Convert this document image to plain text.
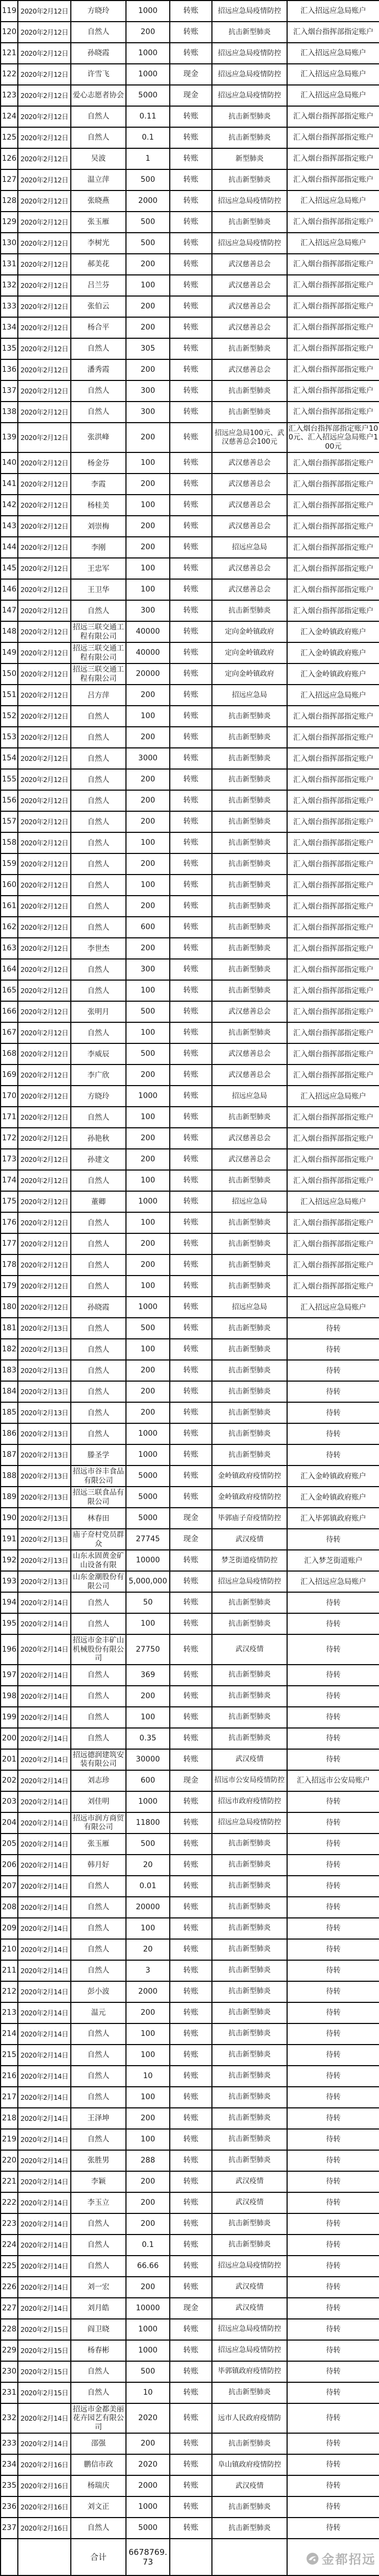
119	2020年2月12日	方晓玲	1000	转账	招远应急局疫情防控	汇入招远应急局账户
120	2020年2月12日	自然人	200	转账	抗击新型肺炎	汇入烟台指挥部指定账户
121	2020年2月12日	孙晓霞	1000	转账	招远应急局疫情防控	汇入招远应急局账户
122	2020年2月12日	许雪飞	1000	现金	招远应急局疫情防控	汇入招远应急局账户
123	2020年2月12日	爱心志愿者协会	5000	现金	招远应急局疫情防控	汇入招远应急局账户
124	2020年2月12日	自然人	0.11	转账	抗击新型肺炎	汇入烟台指挥部指定账户
125	2020年2月12日	自然人	0.1	转账	抗击新型肺炎	汇入烟台指挥部指定账户
126	2020年2月12日	吴波	1	转账	新型肺炎	汇入烟台指挥部指定账户
127	2020年2月12日	温立萍	500	转账	抗击新型肺炎	汇入烟台指挥部指定账户
128	2020年2月12日	张晓燕	2000	转账	招远应急局疫情防控	汇入招远应急局账户
129	2020年2月12日	张玉雁	500	转账	抗击新型肺炎	汇入烟台指挥部指定账户
130	2020年2月12日	李树光	500	转账	招远应急局疫情防控	汇入招远应急局账户
131	2020年2月12日	郝美花	200	转账	武汉慈善总会	汇入烟台指挥部指定账户
132	2020年2月12日	吕兰芬	100	转账	武汉慈善总会	汇入烟台指挥部指定账户
133	2020年2月12日	张伯云	200	转账	武汉慈善总会	汇入烟台指挥部指定账户
134	2020年2月12日	杨合平	200	转账	武汉慈善总会	汇入烟台指挥部指定账户
135	2020年2月12日	自然人	305	转账	抗击新型肺炎	汇入烟台指挥部指定账户
136	2020年2月12日	潘秀霞	200	转账	武汉慈善总会	汇入烟台指挥部指定账户
137	2020年2月12日	自然人	300	转账	抗击新型肺炎	汇入烟台指挥部指定账户
138	2020年2月12日	自然人	300	转账	抗击新型肺炎	汇入烟台指挥部指定账户
139	2020年2月12日	张洪峰	200	转账	招远应急局100元、武汉慈善总会100元	汇入烟台指挥部指定账户100元、汇入招远应急局账户100元
140	2020年2月12日	杨金芬	100	转账	武汉慈善总会	汇入烟台指挥部指定账户
141	2020年2月12日	李霞	200	转账	武汉慈善总会	汇入烟台指挥部指定账户
142	2020年2月12日	杨桂美	100	转账	武汉慈善总会	汇入烟台指挥部指定账户
143	2020年2月12日	刘崇梅	200	转账	武汉慈善总会	汇入烟台指挥部指定账户
144	2020年2月12日	李刚	200	转账	招远应急局	汇入烟台指挥部指定账户
145	2020年2月12日	王忠军	100	转账	武汉慈善总会	汇入烟台指挥部指定账户
146	2020年2月12日	王卫华	100	转账	武汉慈善总会	汇入烟台指挥部指定账户
147	2020年2月12日	自然人	300	转账	抗击新型肺炎	汇入烟台指挥部指定账户
148	2020年2月12日	招远三联交通工程有限公司	40000	转账	定向金岭镇政府	汇入金岭镇政府账户
149	2020年2月12日	招远三联交通工程有限公司	40000	转账	定向金岭镇政府	汇入金岭镇政府账户
150	2020年2月12日	招远三联交通工程有限公司	20000	转账	定向金岭镇政府	汇入金岭镇政府账户
151	2020年2月12日	吕方萍	200	转账	招远应急局	汇入招远应急局账户
152	2020年2月12日	自然人	100	转账	抗击新型肺炎	汇入烟台指挥部指定账户
153	2020年2月12日	自然人	200	转账	抗击新型肺炎	汇入烟台指挥部指定账户
154	2020年2月12日	自然人	3000	转账	抗击新型肺炎	汇入烟台指挥部指定账户
155	2020年2月12日	自然人	200	转账	抗击新型肺炎	汇入烟台指挥部指定账户
156	2020年2月12日	自然人	200	转账	抗击新型肺炎	汇入烟台指挥部指定账户
157	2020年2月12日	自然人	200	转账	抗击新型肺炎	汇入烟台指挥部指定账户
158	2020年2月12日	自然人	100	转账	抗击新型肺炎	汇入烟台指挥部指定账户
159	2020年2月12日	自然人	200	转账	抗击新型肺炎	汇入烟台指挥部指定账户
160	2020年2月12日	自然人	100	转账	抗击新型肺炎	汇入烟台指挥部指定账户
161	2020年2月12日	自然人	200	转账	抗击新型肺炎	汇入烟台指挥部指定账户
162	2020年2月12日	自然人	600	转账	抗击新型肺炎	汇入烟台指挥部指定账户
163	2020年2月12日	李世杰	200	转账	抗击新型肺炎	汇入烟台指挥部指定账户
164	2020年2月12日	自然人	300	转账	抗击新型肺炎	汇入烟台指挥部指定账户
165	2020年2月12日	自然人	100	转账	抗击新型肺炎	汇入烟台指挥部指定账户
166	2020年2月12日	张明月	500	转账	武汉慈善总会	汇入烟台指挥部指定账户
167	2020年2月12日	自然人	100	转账	抗击新型肺炎	汇入烟台指挥部指定账户
168	2020年2月12日	李威辰	500	转账	武汉慈善总会	汇入烟台指挥部指定账户
169	2020年2月12日	李广欣	200	转账	武汉慈善总会	汇入烟台指挥部指定账户
170	2020年2月12日	方晓玲	1000	转账	招远应急局	汇入招远应急局账户
171	2020年2月12日	自然人	100	转账	抗击新型肺炎	汇入烟台指挥部指定账户
172	2020年2月12日	孙艳秋	200	转账	武汉慈善总会	汇入烟台指挥部指定账户
173	2020年2月12日	孙建文	200	转账	武汉慈善总会	汇入烟台指挥部指定账户
174	2020年2月12日	自然人	100	转账	抗击新型肺炎	汇入烟台指挥部指定账户
175	2020年2月12日	董卿	1000	转账	招远应急局	汇入招远应急局账户
176	2020年2月12日	自然人	100	转账	抗击新型肺炎	汇入烟台指挥部指定账户
177	2020年2月12日	自然人	200	转账	抗击新型肺炎	汇入烟台指挥部指定账户
178	2020年2月12日	自然人	200	转账	抗击新型肺炎	汇入烟台指挥部指定账户
179	2020年2月12日	自然人	100	转账	抗击新型肺炎	汇入烟台指挥部指定账户
180	2020年2月12日	孙晓霞	1000	转账	招远应急局	汇入招远应急局账户
181	2020年2月13日	自然人	500	转账	抗击新型肺炎	待转
182	2020年2月13日	自然人	100	转账	抗击新型肺炎	待转
183	2020年2月13日	自然人	200	转账	抗击新型肺炎	待转
184	2020年2月13日	自然人	200	转账	抗击新型肺炎	待转
185	2020年2月13日	自然人	200	转账	抗击新型肺炎	待转
186	2020年2月13日	自然人	1000	转账	抗击新型肺炎	待转
187	2020年2月13日	滕圣学	1000	转账	抗击新型肺炎	待转
188	2020年2月13日	招远市谷丰食品有限公司	5000	转账	金岭镇政府疫情防控	汇入金岭镇政府账户
189	2020年2月13日	招远三联食品有限公司	5000	转账	金岭镇政府疫情防控	汇入金岭镇政府账户
190	2020年2月13日	林春田	5000	现金	毕郭庙子夼疫情防控	汇入毕郭镇政府账户
191	2020年2月13日	庙子夼村党员群众	27745	现金	武汉疫情	待转
192	2020年2月13日	山东永固黄金矿山设备有限	10000	转账	梦芝街道疫情防控	汇入梦芝街道账户
193	2020年2月13日	山东金潮股份有限公司	5,000,000	转账	招远应急局疫情防控	汇入招远应急局账户
194	2020年2月14日	自然人	50	转账	抗击新型肺炎	待转
195	2020年2月14日	自然人	100	转账	抗击新型肺炎	待转
196	2020年2月14日	招远市金丰矿山机械股份有限公司	27750	转账	武汉疫情	待转
197	2020年2月14日	自然人	369	转账	抗击新型肺炎	待转
198	2020年2月14日	自然人	200	转账	抗击新型肺炎	待转
199	2020年2月14日	自然人	100	转账	抗击新型肺炎	待转
200	2020年2月14日	自然人	0.35	转账	抗击新型肺炎	待转
201	2020年2月14日	招远德润建筑安装有限公司	30000	转账	武汉疫情	待转
202	2020年2月14日	刘志珍	600	现金	招远市公安局疫情防控	汇入招远市公安局账户
203	2020年2月14日	刘佳明	1000	转账	招远市政府疫情防控	待转
204	2020年2月14日	招远市润方商贸有限公司	11800	转账	招远应急局疫情防控	待转
205	2020年2月14日	张玉雁	500	转账	抗击新型肺炎	待转
206	2020年2月14日	韩月好	20	转账	抗击新型肺炎	待转
207	2020年2月14日	自然人	0.01	转账	抗击新型肺炎	待转
208	2020年2月14日	自然人	20000	转账	抗击新型肺炎	待转
209	2020年2月14日	自然人	100	转账	抗击新型肺炎	待转
210	2020年2月14日	自然人	20	转账	抗击新型肺炎	待转
211	2020年2月14日	自然人	3	转账	抗击新型肺炎	待转
212	2020年2月14日	彭小波	2000	转账	抗击新型肺炎	待转
213	2020年2月14日	温元	200	转账	抗击新型肺炎	待转
214	2020年2月14日	自然人	100	转账	抗击新型肺炎	待转
215	2020年2月14日	自然人	100	转账	抗击新型肺炎	待转
216	2020年2月14日	自然人	10	转账	抗击新型肺炎	待转
217	2020年2月14日	自然人	100	转账	抗击新型肺炎	待转
218	2020年2月14日	王泽坤	200	转账	抗击新型肺炎	待转
219	2020年2月14日	自然人	100	转账	抗击新型肺炎	待转
220	2020年2月14日	张胜男	288	转账	抗击新型肺炎	待转
221	2020年2月14日	李颖	200	转账	武汉疫情	待转
222	2020年2月14日	李玉立	200	转账	武汉疫情	待转
223	2020年2月14日	自然人	200	转账	抗击新型肺炎	待转
224	2020年2月14日	自然人	0.1	转账	抗击新型肺炎	待转
225	2020年2月14日	自然人	66.66	转账	招远应急局疫情防控	待转
226	2020年2月14日	刘一宏	200	转账	武汉疫情	待转
227	2020年2月14日	刘月皓	10000	现金	武汉疫情	待转
228	2020年2月15日	阎卫晓	1000	转账	招远应急局疫情防控	待转
229	2020年2月15日	杨春彬	1000	转账	招远应急局疫情防控	待转
230	2020年2月15日	自然人	500	转账	毕郭镇政府疫情防控	待转
231	2020年2月15日	自然人	10	转账	抗击新型肺炎	待转
232	2020年2月14日	招远市金都美丽花卉园艺有限公司	2020	转账	远市人民政府疫情防	待转
233	2020年2月14日	邵强	200	转账	抗击新型肺炎	待转
234	2020年2月16日	鹏信市政	2020	转账	阜山镇政府疫情防控	待转
235	2020年2月16日	杨瑞庆	2000	转账	武汉疫情	待转
236	2020年2月16日	刘文正	1000	转账	抗击新型肺炎	待转
237	2020年2月16日	自然人	5000	转账	抗击新型肺炎	待转
		合计	6678769.73				金都招远
